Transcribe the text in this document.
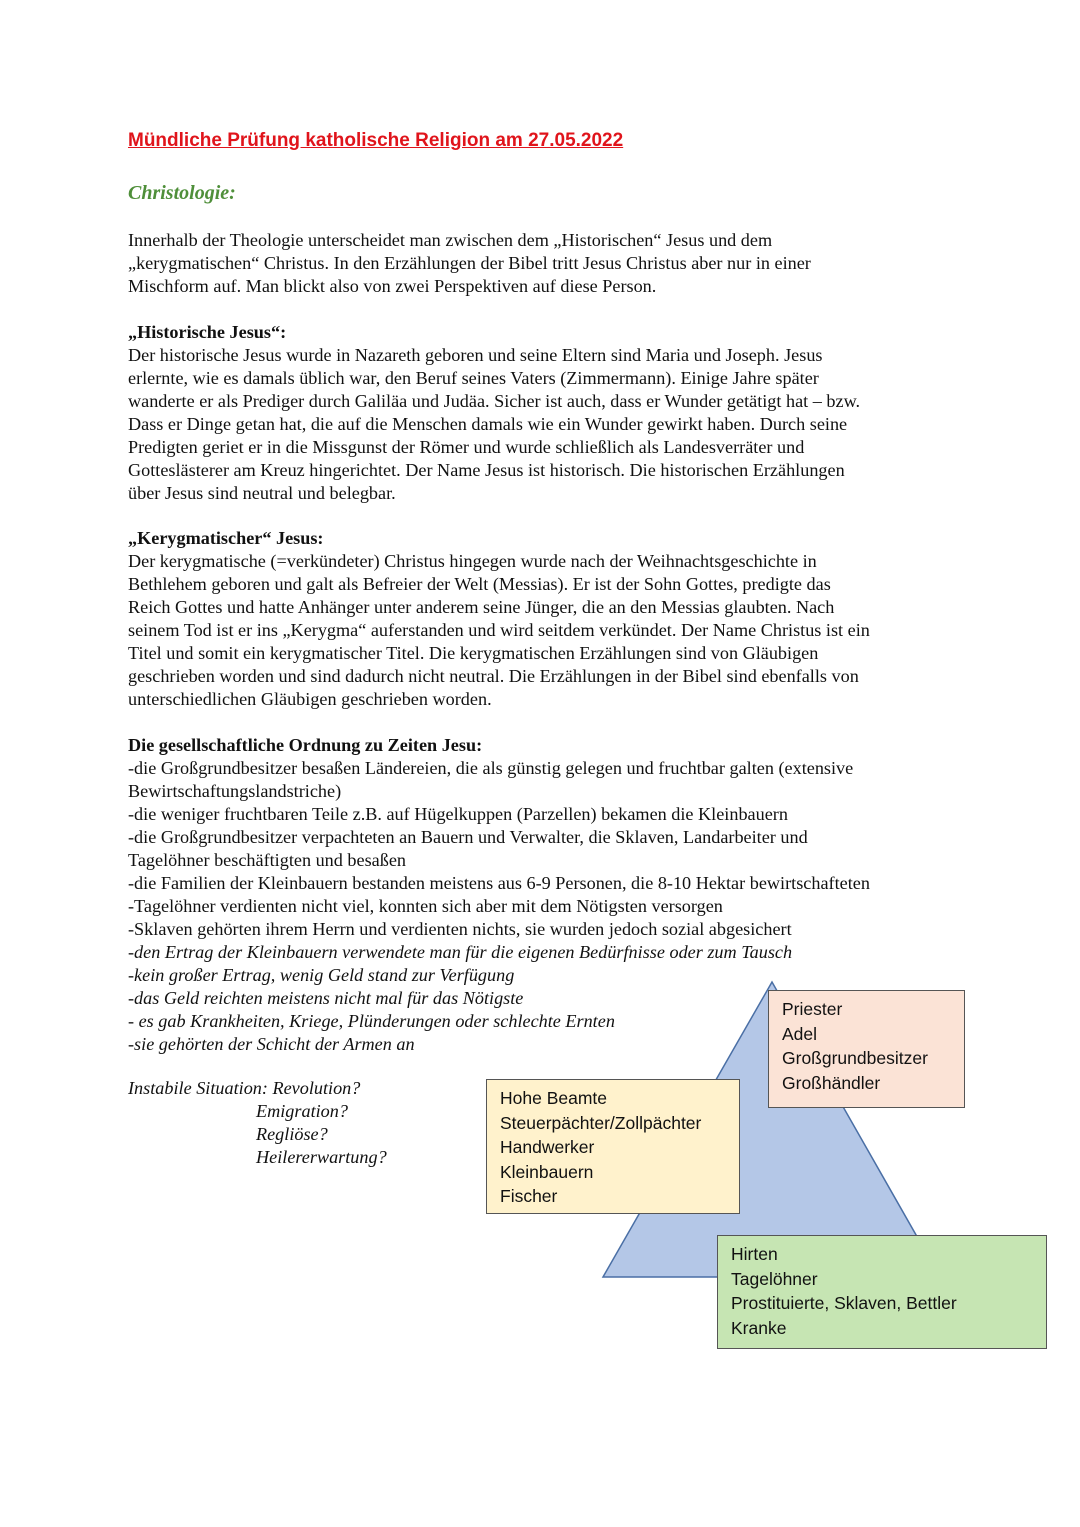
Mündliche Prüfung katholische Religion am 27.05.2022
Christologie:
Innerhalb der Theologie unterscheidet man zwischen dem „Historischen“ Jesus und dem
„kerygmatischen“ Christus. In den Erzählungen der Bibel tritt Jesus Christus aber nur in einer
Mischform auf. Man blickt also von zwei Perspektiven auf diese Person.
„Historische Jesus“:
Der historische Jesus wurde in Nazareth geboren und seine Eltern sind Maria und Joseph. Jesus
erlernte, wie es damals üblich war, den Beruf seines Vaters (Zimmermann). Einige Jahre später
wanderte er als Prediger durch Galiläa und Judäa. Sicher ist auch, dass er Wunder getätigt hat – bzw.
Dass er Dinge getan hat, die auf die Menschen damals wie ein Wunder gewirkt haben. Durch seine
Predigten geriet er in die Missgunst der Römer und wurde schließlich als Landesverräter und
Gotteslästerer am Kreuz hingerichtet. Der Name Jesus ist historisch. Die historischen Erzählungen
über Jesus sind neutral und belegbar.
„Kerygmatischer“ Jesus:
Der kerygmatische (=verkündeter) Christus hingegen wurde nach der Weihnachtsgeschichte in
Bethlehem geboren und galt als Befreier der Welt (Messias). Er ist der Sohn Gottes, predigte das
Reich Gottes und hatte Anhänger unter anderem seine Jünger, die an den Messias glaubten. Nach
seinem Tod ist er ins „Kerygma“ auferstanden und wird seitdem verkündet. Der Name Christus ist ein
Titel und somit ein kerygmatischer Titel. Die kerygmatischen Erzählungen sind von Gläubigen
geschrieben worden und sind dadurch nicht neutral. Die Erzählungen in der Bibel sind ebenfalls von
unterschiedlichen Gläubigen geschrieben worden.
Die gesellschaftliche Ordnung zu Zeiten Jesu:
-die Großgrundbesitzer besaßen Ländereien, die als günstig gelegen und fruchtbar galten (extensive
Bewirtschaftungslandstriche)
-die weniger fruchtbaren Teile z.B. auf Hügelkuppen (Parzellen) bekamen die Kleinbauern
-die Großgrundbesitzer verpachteten an Bauern und Verwalter, die Sklaven, Landarbeiter und
Tagelöhner beschäftigten und besaßen
-die Familien der Kleinbauern bestanden meistens aus 6-9 Personen, die 8-10 Hektar bewirtschafteten
-Tagelöhner verdienten nicht viel, konnten sich aber mit dem Nötigsten versorgen
-Sklaven gehörten ihrem Herrn und verdienten nichts, sie wurden jedoch sozial abgesichert
-den Ertrag der Kleinbauern verwendete man für die eigenen Bedürfnisse oder zum Tausch
-kein großer Ertrag, wenig Geld stand zur Verfügung
-das Geld reichten meistens nicht mal für das Nötigste
- es gab Krankheiten, Kriege, Plünderungen oder schlechte Ernten
-sie gehörten der Schicht der Armen an
Instabile Situation: Revolution?
Emigration?
Regliöse?
Heilererwartung?
Priester
Adel
Großgrundbesitzer
Großhändler
Hohe Beamte
Steuerpächter/Zollpächter
Handwerker
Kleinbauern
Fischer
Hirten
Tagelöhner
Prostituierte, Sklaven, Bettler
Kranke
